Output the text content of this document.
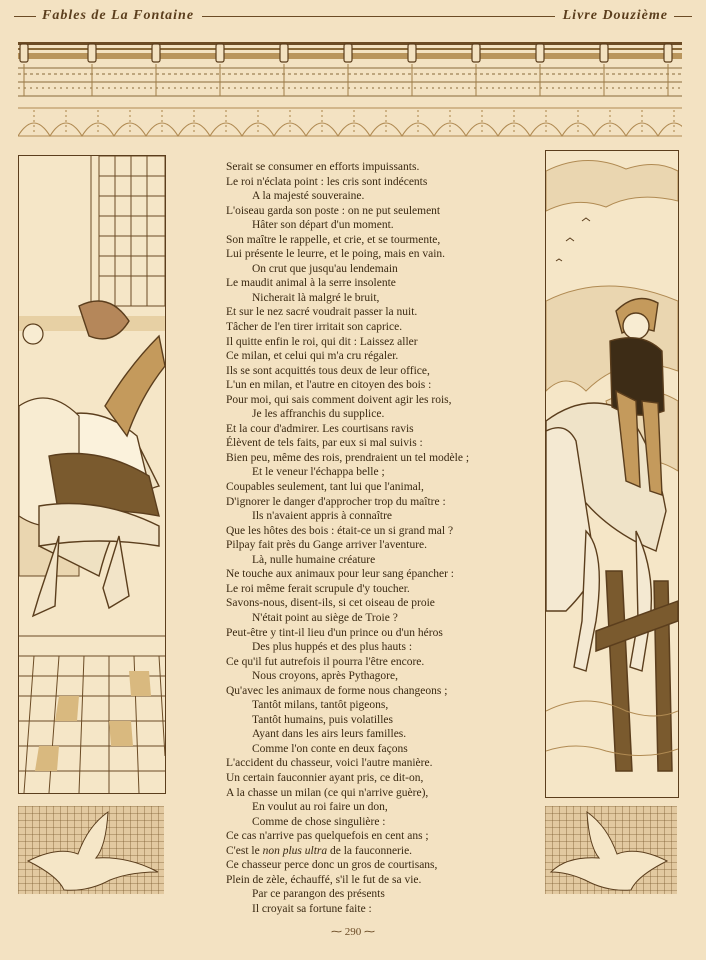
Fables de La Fontaine	Livre Douzième
Serait se consumer en efforts impuissants.
Le roi n'éclata point : les cris sont indécents
A la majesté souveraine.
L'oiseau garda son poste : on ne put seulement
Hâter son départ d'un moment.
Son maître le rappelle, et crie, et se tourmente,
Lui présente le leurre, et le poing, mais en vain.
On crut que jusqu'au lendemain
Le maudit animal à la serre insolente
Nicherait là malgré le bruit,
Et sur le nez sacré voudrait passer la nuit.
Tâcher de l'en tirer irritait son caprice.
Il quitte enfin le roi, qui dit : Laissez aller
Ce milan, et celui qui m'a cru régaler.
Ils se sont acquittés tous deux de leur office,
L'un en milan, et l'autre en citoyen des bois :
Pour moi, qui sais comment doivent agir les rois,
Je les affranchis du supplice.
Et la cour d'admirer. Les courtisans ravis
Élèvent de tels faits, par eux si mal suivis :
Bien peu, même des rois, prendraient un tel modèle ;
Et le veneur l'échappa belle ;
Coupables seulement, tant lui que l'animal,
D'ignorer le danger d'approcher trop du maître :
Ils n'avaient appris à connaître
Que les hôtes des bois : était-ce un si grand mal ?
Pilpay fait près du Gange arriver l'aventure.
Là, nulle humaine créature
Ne touche aux animaux pour leur sang épancher :
Le roi même ferait scrupule d'y toucher.
Savons-nous, disent-ils, si cet oiseau de proie
N'était point au siège de Troie ?
Peut-être y tint-il lieu d'un prince ou d'un héros
Des plus huppés et des plus hauts :
Ce qu'il fut autrefois il pourra l'être encore.
Nous croyons, après Pythagore,
Qu'avec les animaux de forme nous changeons ;
Tantôt milans, tantôt pigeons,
Tantôt humains, puis volatilles
Ayant dans les airs leurs familles.
Comme l'on conte en deux façons
L'accident du chasseur, voici l'autre manière.
Un certain fauconnier ayant pris, ce dit-on,
A la chasse un milan (ce qui n'arrive guère),
En voulut au roi faire un don,
Comme de chose singulière :
Ce cas n'arrive pas quelquefois en cent ans ;
C'est le non plus ultra de la fauconnerie.
Ce chasseur perce donc un gros de courtisans,
Plein de zèle, échauffé, s'il le fut de sa vie.
Par ce parangon des présents
Il croyait sa fortune faite :
⁓ 290 ⁓
